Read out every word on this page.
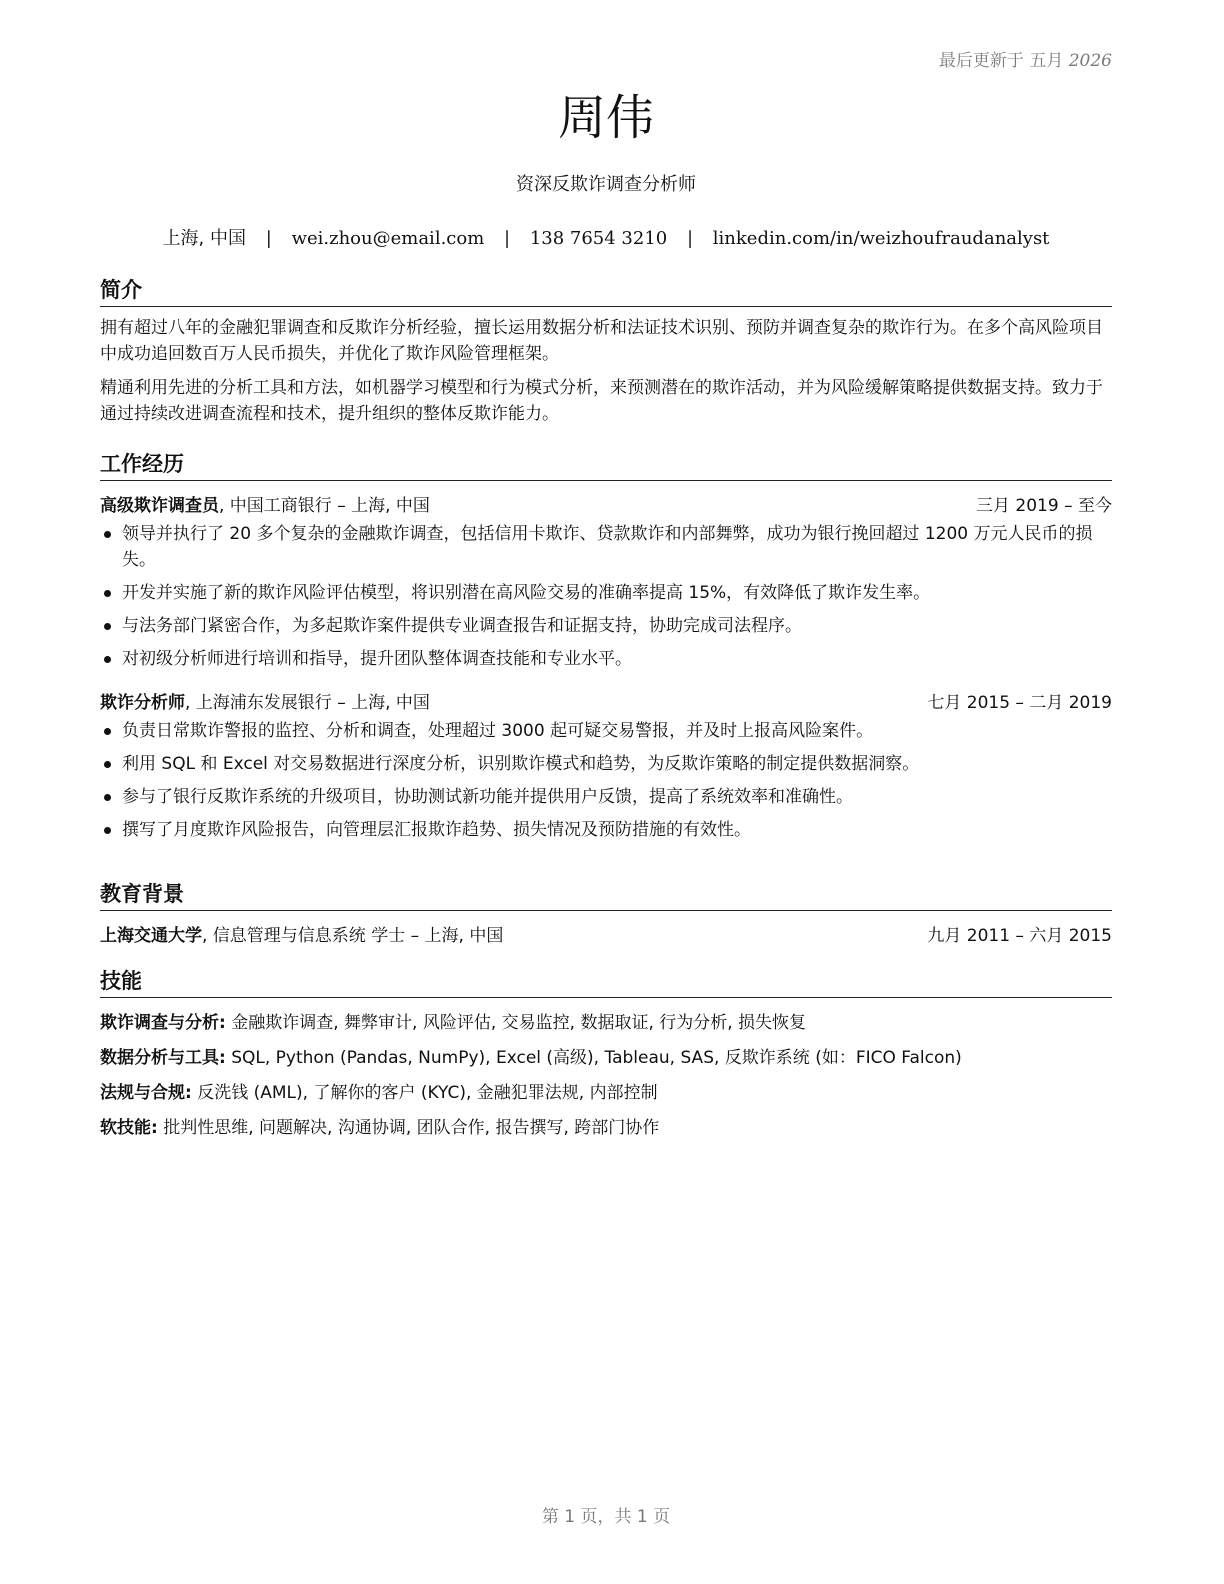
最后更新于 五月 2026
周伟
资深反欺诈调查分析师
上海, 中国 | wei.zhou@email.com | 138 7654 3210 | linkedin.com/in/weizhoufraudanalyst
简介

拥有超过八年的金融犯罪调查和反欺诈分析经验，擅长运用数据分析和法证技术识别、预防并调查复杂的欺诈行为。在多个高风险项目中成功追回数百万人民币损失，并优化了欺诈风险管理框架。

精通利用先进的分析工具和方法，如机器学习模型和行为模式分析，来预测潜在的欺诈活动，并为风险缓解策略提供数据支持。致力于通过持续改进调查流程和技术，提升组织的整体反欺诈能力。

工作经历
高级欺诈调查员, 中国工商银行 – 上海, 中国	三月 2019 – 至今
领导并执行了 20 多个复杂的金融欺诈调查，包括信用卡欺诈、贷款欺诈和内部舞弊，成功为银行挽回超过 1200 万元人民币的损失。
开发并实施了新的欺诈风险评估模型，将识别潜在高风险交易的准确率提高 15%，有效降低了欺诈发生率。
与法务部门紧密合作，为多起欺诈案件提供专业调查报告和证据支持，协助完成司法程序。
对初级分析师进行培训和指导，提升团队整体调查技能和专业水平。
欺诈分析师, 上海浦东发展银行 – 上海, 中国	七月 2015 – 二月 2019
负责日常欺诈警报的监控、分析和调查，处理超过 3000 起可疑交易警报，并及时上报高风险案件。
利用 SQL 和 Excel 对交易数据进行深度分析，识别欺诈模式和趋势，为反欺诈策略的制定提供数据洞察。
参与了银行反欺诈系统的升级项目，协助测试新功能并提供用户反馈，提高了系统效率和准确性。
撰写了月度欺诈风险报告，向管理层汇报欺诈趋势、损失情况及预防措施的有效性。
教育背景
上海交通大学, 信息管理与信息系统 学士 – 上海, 中国	九月 2011 – 六月 2015
技能
欺诈调查与分析: 金融欺诈调查, 舞弊审计, 风险评估, 交易监控, 数据取证, 行为分析, 损失恢复
数据分析与工具: SQL, Python (Pandas, NumPy), Excel (高级), Tableau, SAS, 反欺诈系统 (如：FICO Falcon)
法规与合规: 反洗钱 (AML), 了解你的客户 (KYC), 金融犯罪法规, 内部控制
软技能: 批判性思维, 问题解决, 沟通协调, 团队合作, 报告撰写, 跨部门协作
第 1 页，共 1 页
